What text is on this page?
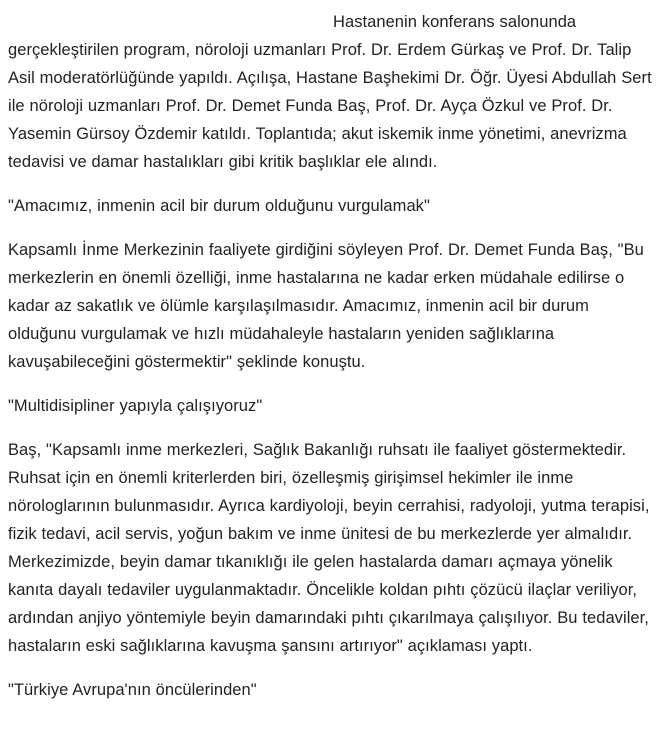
Hastanenin konferans salonunda gerçekleştirilen program, nöroloji uzmanları Prof. Dr. Erdem Gürkaş ve Prof. Dr. Talip Asil moderatörlüğünde yapıldı. Açılışa, Hastane Başhekimi Dr. Öğr. Üyesi Abdullah Sert ile nöroloji uzmanları Prof. Dr. Demet Funda Baş, Prof. Dr. Ayça Özkul ve Prof. Dr. Yasemin Gürsoy Özdemir katıldı. Toplantıda; akut iskemik inme yönetimi, anevrizma tedavisi ve damar hastalıkları gibi kritik başlıklar ele alındı.

"Amacımız, inmenin acil bir durum olduğunu vurgulamak"

Kapsamlı İnme Merkezinin faaliyete girdiğini söyleyen Prof. Dr. Demet Funda Baş, "Bu merkezlerin en önemli özelliği, inme hastalarına ne kadar erken müdahale edilirse o kadar az sakatlık ve ölümle karşılaşılmasıdır. Amacımız, inmenin acil bir durum olduğunu vurgulamak ve hızlı müdahaleyle hastaların yeniden sağlıklarına kavuşabileceğini göstermektir" şeklinde konuştu.

"Multidisipliner yapıyla çalışıyoruz"

Baş, "Kapsamlı inme merkezleri, Sağlık Bakanlığı ruhsatı ile faaliyet göstermektedir. Ruhsat için en önemli kriterlerden biri, özelleşmiş girişimsel hekimler ile inme nörologlarının bulunmasıdır. Ayrıca kardiyoloji, beyin cerrahisi, radyoloji, yutma terapisi, fizik tedavi, acil servis, yoğun bakım ve inme ünitesi de bu merkezlerde yer almalıdır. Merkezimizde, beyin damar tıkanıklığı ile gelen hastalarda damarı açmaya yönelik kanıta dayalı tedaviler uygulanmaktadır. Öncelikle koldan pıhtı çözücü ilaçlar veriliyor, ardından anjiyo yöntemiyle beyin damarındaki pıhtı çıkarılmaya çalışılıyor. Bu tedaviler, hastaların eski sağlıklarına kavuşma şansını artırıyor" açıklaması yaptı.

"Türkiye Avrupa'nın öncülerinden"
